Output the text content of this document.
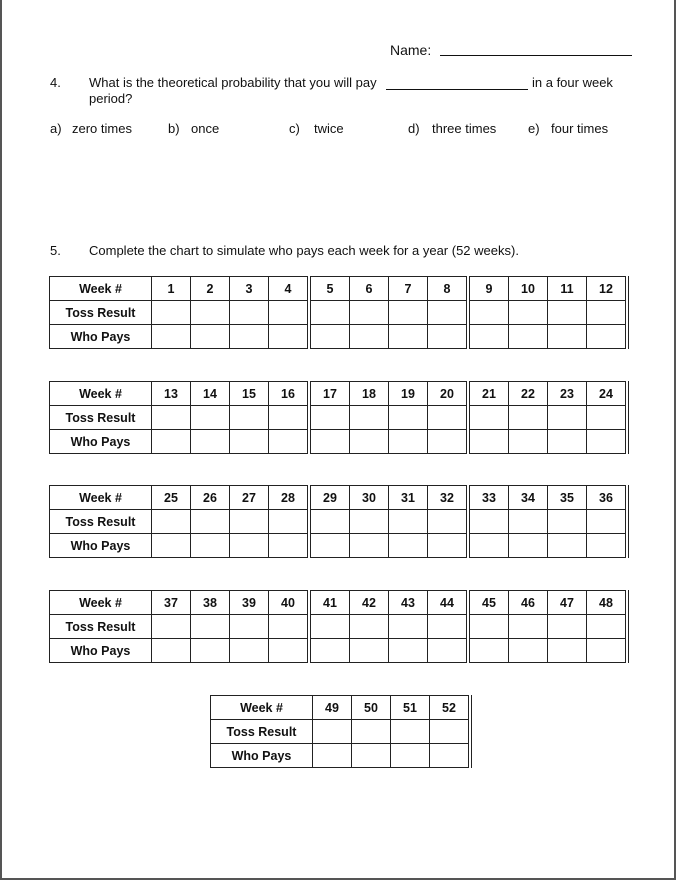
Name:
4. What is the theoretical probability that you will pay	in a four week
period?
a) zero times	b) once	c) twice	d) three times e) four times
5. Complete the chart to simulate who pays each week for a year (52 weeks).
Week #	1	2	3	4	5	6	7	8	9	10	11	12
Toss Result												
Who Pays												
Week #	13	14	15	16	17	18	19	20	21	22	23	24
Toss Result												
Who Pays												
Week #	25	26	27	28	29	30	31	32	33	34	35	36
Toss Result												
Who Pays												
Week #	37	38	39	40	41	42	43	44	45	46	47	48
Toss Result												
Who Pays												
Week #	49	50	51	52
Toss Result				
Who Pays				
